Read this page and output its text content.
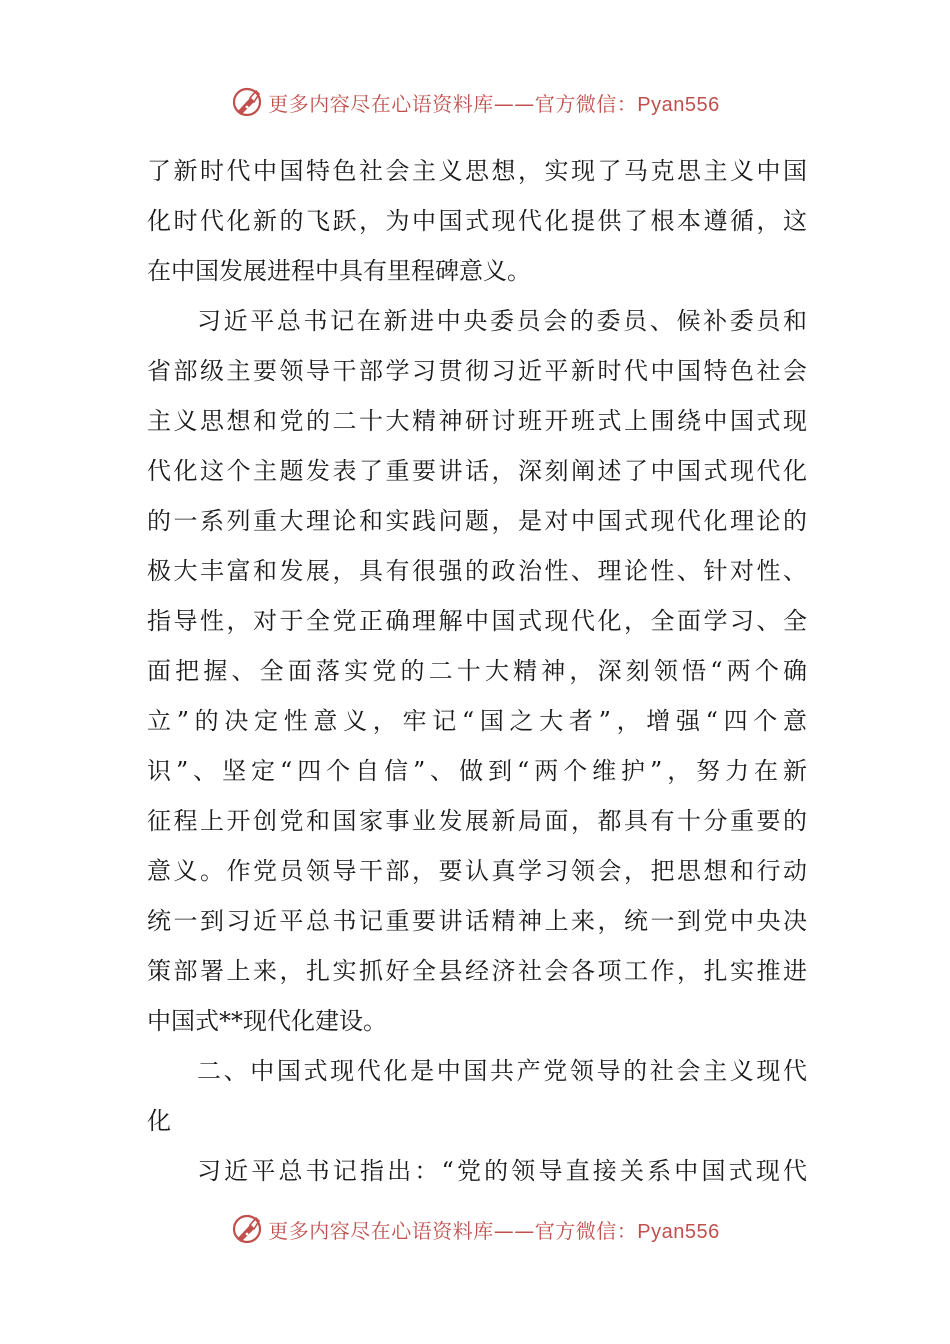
更多内容尽在心语资料库——官方微信：Pyan556
了新时代中国特色社会主义思想，实现了马克思主义中国
化时代化新的飞跃，为中国式现代化提供了根本遵循，这
在中国发展进程中具有里程碑意义。
习近平总书记在新进中央委员会的委员、候补委员和
省部级主要领导干部学习贯彻习近平新时代中国特色社会
主义思想和党的二十大精神研讨班开班式上围绕中国式现
代化这个主题发表了重要讲话，深刻阐述了中国式现代化
的一系列重大理论和实践问题，是对中国式现代化理论的
极大丰富和发展，具有很强的政治性、理论性、针对性、
指导性，对于全党正确理解中国式现代化，全面学习、全
面把握、全面落实党的二十大精神，深刻领悟“两个确
立”的决定性意义，牢记“国之大者”，增强“四个意
识”、坚定“四个自信”、做到“两个维护”，努力在新
征程上开创党和国家事业发展新局面，都具有十分重要的
意义。作党员领导干部，要认真学习领会，把思想和行动
统一到习近平总书记重要讲话精神上来，统一到党中央决
策部署上来，扎实抓好全县经济社会各项工作，扎实推进
中国式**现代化建设。
二、中国式现代化是中国共产党领导的社会主义现代
化
习近平总书记指出：“党的领导直接关系中国式现代
更多内容尽在心语资料库——官方微信：Pyan556
